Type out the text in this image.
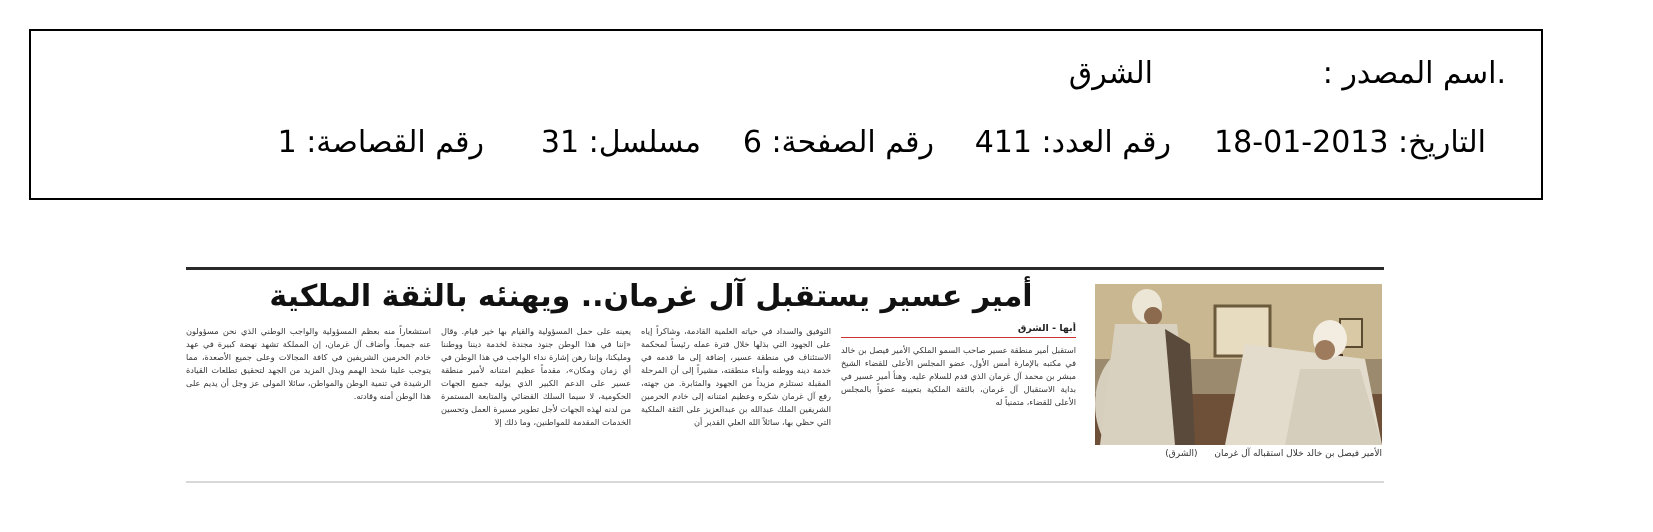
.اسم المصدر :
الشرق
التاريخ: 2013-01-18
رقم العدد: 411
رقم الصفحة: 6
مسلسل: 31
رقم القصاصة: 1
أمير عسير يستقبل آل غرمان.. ويهنئه بالثقة الملكية
الأمير فيصل بن خالد خلال استقباله آل غرمان (الشرق)
أبها - الشرق

استقبل أمير منطقة عسير صاحب السمو الملكي الأمير فيصل بن خالد في مكتبه بالإمارة أمس الأول، عضو المجلس الأعلى للقضاء الشيخ مبشر بن محمد آل غرمان الذي قدم للسلام عليه. وهنأ أمير عسير في بداية الاستقبال آل غرمان، بالثقة الملكية بتعيينه عضواً بالمجلس الأعلى للقضاء، متمنياً له

التوفيق والسداد في حياته العلمية القادمة، وشاكراً إياه على الجهود التي بذلها خلال فترة عمله رئيساً لمحكمة الاستئناف في منطقة عسير، إضافة إلى ما قدمه في خدمة دينه ووطنه وأبناء منطقته، مشيراً إلى أن المرحلة المقبلة تستلزم مزيداً من الجهود والمثابرة. من جهته، رفع آل غرمان شكره وعظيم امتنانه إلى خادم الحرمين الشريفين الملك عبدالله بن عبدالعزيز على الثقة الملكية التي حظي بها، سائلاً الله العلي القدير أن

يعينه على حمل المسؤولية والقيام بها خير قيام. وقال «إننا في هذا الوطن جنود مجندة لخدمة ديننا ووطننا ومليكنا، وإننا رهن إشارة نداء الواجب في هذا الوطن في أي زمان ومكان»، مقدماً عظيم امتنانه لأمير منطقة عسير على الدعم الكبير الذي يوليه جميع الجهات الحكومية، لا سيما السلك القضائي والمتابعة المستمرة من لدنه لهذه الجهات لأجل تطوير مسيرة العمل وتحسين الخدمات المقدمة للمواطنين، وما ذلك إلا

استشعاراً منه بعظم المسؤولية والواجب الوطني الذي نحن مسؤولون عنه جميعاً. وأضاف آل غرمان، إن المملكة تشهد نهضة كبيرة في عهد خادم الحرمين الشريفين في كافة المجالات وعلى جميع الأصعدة، مما يتوجب علينا شحذ الهمم وبذل المزيد من الجهد لتحقيق تطلعات القيادة الرشيدة في تنمية الوطن والمواطن، سائلا المولى عز وجل أن يديم على هذا الوطن أمنه وقادته.
